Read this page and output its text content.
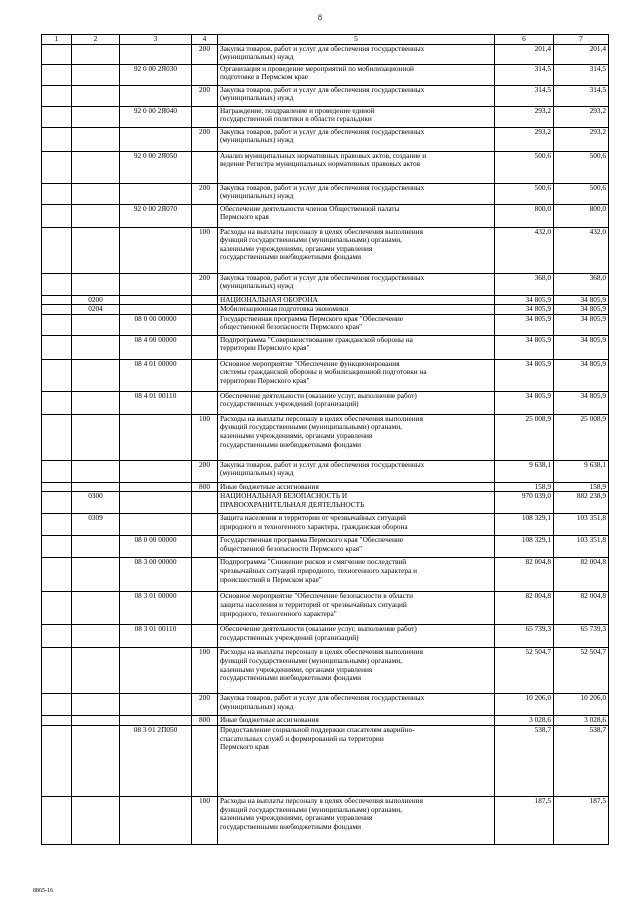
8
1	2	3	4	5	6	7
			200	Закупка товаров, работ и услуг для обеспечения государственных
(муниципальных) нужд	201,4	201,4
		92 0 00 2Я030		Организация и проведение мероприятий по мобилизационной
подготовке в Пермском крае	314,5	314,5
			200	Закупка товаров, работ и услуг для обеспечения государственных
(муниципальных) нужд	314,5	314,5
		92 0 00 2Я040		Награждение, поздравление и проведение единой
государственной политики в области геральдики	293,2	293,2
			200	Закупка товаров, работ и услуг для обеспечения государственных
(муниципальных) нужд	293,2	293,2
		92 0 00 2Я050		Анализ муниципальных нормативных правовых актов, создание и
ведение Регистра муниципальных нормативных правовых актов	500,6	500,6
			200	Закупка товаров, работ и услуг для обеспечения государственных
(муниципальных) нужд	500,6	500,6
		92 0 00 2Я070		Обеспечение деятельности членов Общественной палаты
Пермского края	800,0	800,0
			100	Расходы на выплаты персоналу в целях обеспечения выполнения
функций государственными (муниципальными) органами,
казенными учреждениями, органами управления
государственными внебюджетными фондами	432,0	432,0
			200	Закупка товаров, работ и услуг для обеспечения государственных
(муниципальных) нужд	368,0	368,0
	0200			НАЦИОНАЛЬНАЯ ОБОРОНА	34 805,9	34 805,9
	0204			Мобилизационная подготовка экономики	34 805,9	34 805,9
		08 0 00 00000		Государственная программа Пермского края "Обеспечение
общественной безопасности Пермского края"	34 805,9	34 805,9
		08 4 00 00000		Подпрограмма "Совершенствование гражданской обороны на
территории Пермского края"	34 805,9	34 805,9
		08 4 01 00000		Основное мероприятие "Обеспечение функционирования
системы гражданской обороны и мобилизационной подготовки на
территории Пермского края"	34 805,9	34 805,9
		08 4 01 00110		Обеспечение деятельности (оказание услуг, выполнение работ)
государственных учреждений (организаций)	34 805,9	34 805,9
			100	Расходы на выплаты персоналу в целях обеспечения выполнения
функций государственными (муниципальными) органами,
казенными учреждениями, органами управления
государственными внебюджетными фондами	25 008,9	25 008,9
			200	Закупка товаров, работ и услуг для обеспечения государственных
(муниципальных) нужд	9 638,1	9 638,1
			800	Иные бюджетные ассигнования	158,9	158,9
	0300			НАЦИОНАЛЬНАЯ БЕЗОПАСНОСТЬ И
ПРАВООХРАНИТЕЛЬНАЯ ДЕЯТЕЛЬНОСТЬ	970 039,0	882 238,9
	0309			Защита населения и территории от чрезвычайных ситуаций
природного и техногенного характера, гражданская оборона	108 329,1	103 351,8
		08 0 00 00000		Государственная программа Пермского края "Обеспечение
общественной безопасности Пермского края"	108 329,1	103 351,8
		08 3 00 00000		Подпрограмма "Снижение рисков и смягчение последствий
чрезвычайных ситуаций природного, техногенного характера и
происшествий в Пермском крае"	82 004,8	82 004,8
		08 3 01 00000		Основное мероприятие "Обеспечение безопасности в области
защиты населения и территорий от чрезвычайных ситуаций
природного, техногенного характера"	82 004,8	82 004,8
		08 3 01 00110		Обеспечение деятельности (оказание услуг, выполнение работ)
государственных учреждений (организаций)	65 739,3	65 739,3
			100	Расходы на выплаты персоналу в целях обеспечения выполнения
функций государственными (муниципальными) органами,
казенными учреждениями, органами управления
государственными внебюджетными фондами	52 504,7	52 504,7
			200	Закупка товаров, работ и услуг для обеспечения государственных
(муниципальных) нужд	10 206,0	10 206,0
			800	Иные бюджетные ассигнования	3 028,6	3 028,6
		08 3 01 2П050		Предоставление социальной поддержки спасателям аварийно-
спасательных служб и формирований на территории
Пермского края	538,7	538,7
			100	Расходы на выплаты персоналу в целях обеспечения выполнения
функций государственными (муниципальными) органами,
казенными учреждениями, органами управления
государственными внебюджетными фондами	187,5	187,5
8865-16
